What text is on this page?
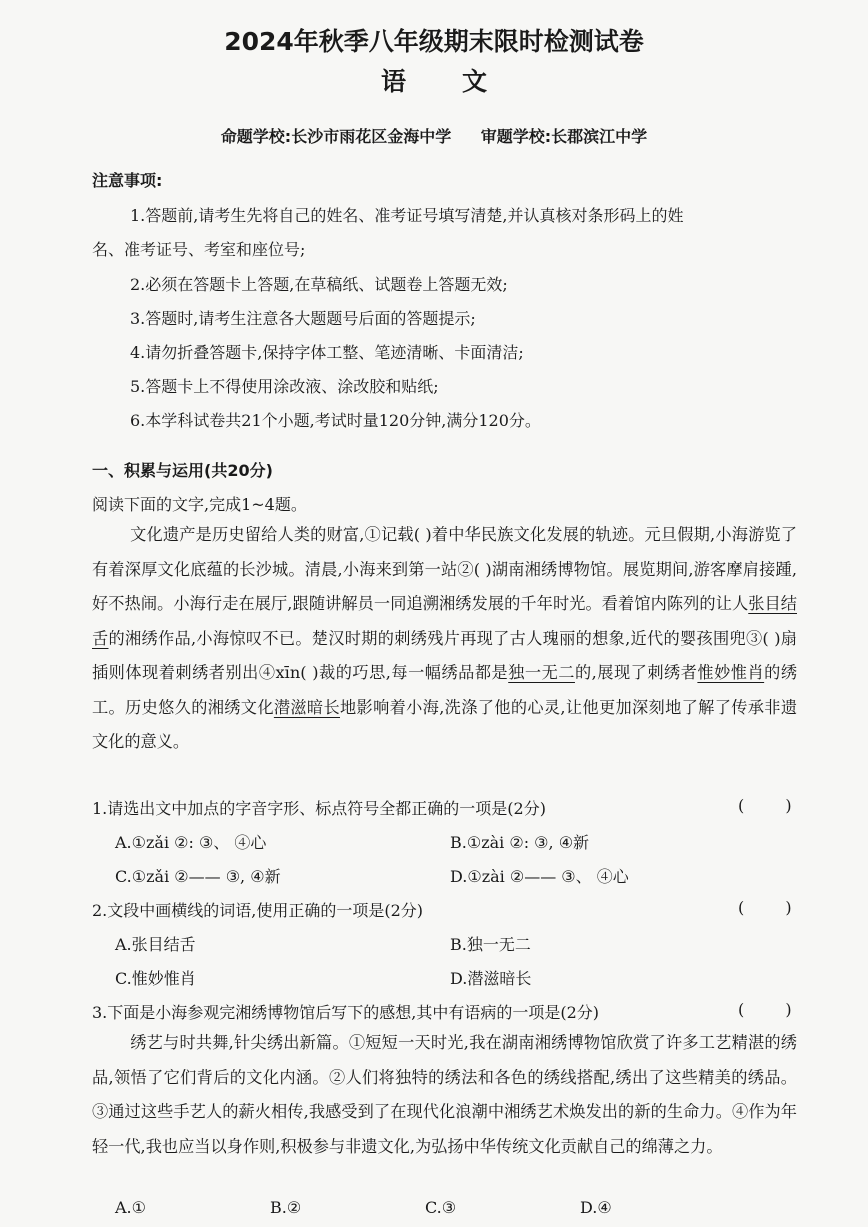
2024年秋季八年级期末限时检测试卷
语文
命题学校:长沙市雨花区金海中学 审题学校:长郡滨江中学
注意事项:
1.答题前,请考生先将自己的姓名、准考证号填写清楚,并认真核对条形码上的姓
名、准考证号、考室和座位号;
2.必须在答题卡上答题,在草稿纸、试题卷上答题无效;
3.答题时,请考生注意各大题题号后面的答题提示;
4.请勿折叠答题卡,保持字体工整、笔迹清晰、卡面清洁;
5.答题卡上不得使用涂改液、涂改胶和贴纸;
6.本学科试卷共21个小题,考试时量120分钟,满分120分。
一、积累与运用(共20分)
阅读下面的文字,完成1~4题。
文化遗产是历史留给人类的财富,①记载( )着中华民族文化发展的轨迹。元旦假期,小海游览了有着深厚文化底蕴的长沙城。清晨,小海来到第一站②( )湖南湘绣博物馆。展览期间,游客摩肩接踵,好不热闹。小海行走在展厅,跟随讲解员一同追溯湘绣发展的千年时光。看着馆内陈列的让人张目结舌的湘绣作品,小海惊叹不已。楚汉时期的刺绣残片再现了古人瑰丽的想象,近代的婴孩围兜③( )扇插则体现着刺绣者别出④xīn( )裁的巧思,每一幅绣品都是独一无二的,展现了刺绣者惟妙惟肖的绣工。历史悠久的湘绣文化潜滋暗长地影响着小海,洗涤了他的心灵,让他更加深刻地了解了传承非遗文化的意义。
1.请选出文中加点的字音字形、标点符号全都正确的一项是(2分)	( )
A.①zǎi ②: ③、 ④心	B.①zài ②: ③, ④新
C.①zǎi ②—— ③, ④新	D.①zài ②—— ③、 ④心
2.文段中画横线的词语,使用正确的一项是(2分)	( )
A.张目结舌	B.独一无二
C.惟妙惟肖	D.潜滋暗长
3.下面是小海参观完湘绣博物馆后写下的感想,其中有语病的一项是(2分)	( )
绣艺与时共舞,针尖绣出新篇。①短短一天时光,我在湖南湘绣博物馆欣赏了许多工艺精湛的绣品,领悟了它们背后的文化内涵。②人们将独特的绣法和各色的绣线搭配,绣出了这些精美的绣品。③通过这些手艺人的薪火相传,我感受到了在现代化浪潮中湘绣艺术焕发出的新的生命力。④作为年轻一代,我也应当以身作则,积极参与非遗文化,为弘扬中华传统文化贡献自己的绵薄之力。
A.①	B.②	C.③	D.④
